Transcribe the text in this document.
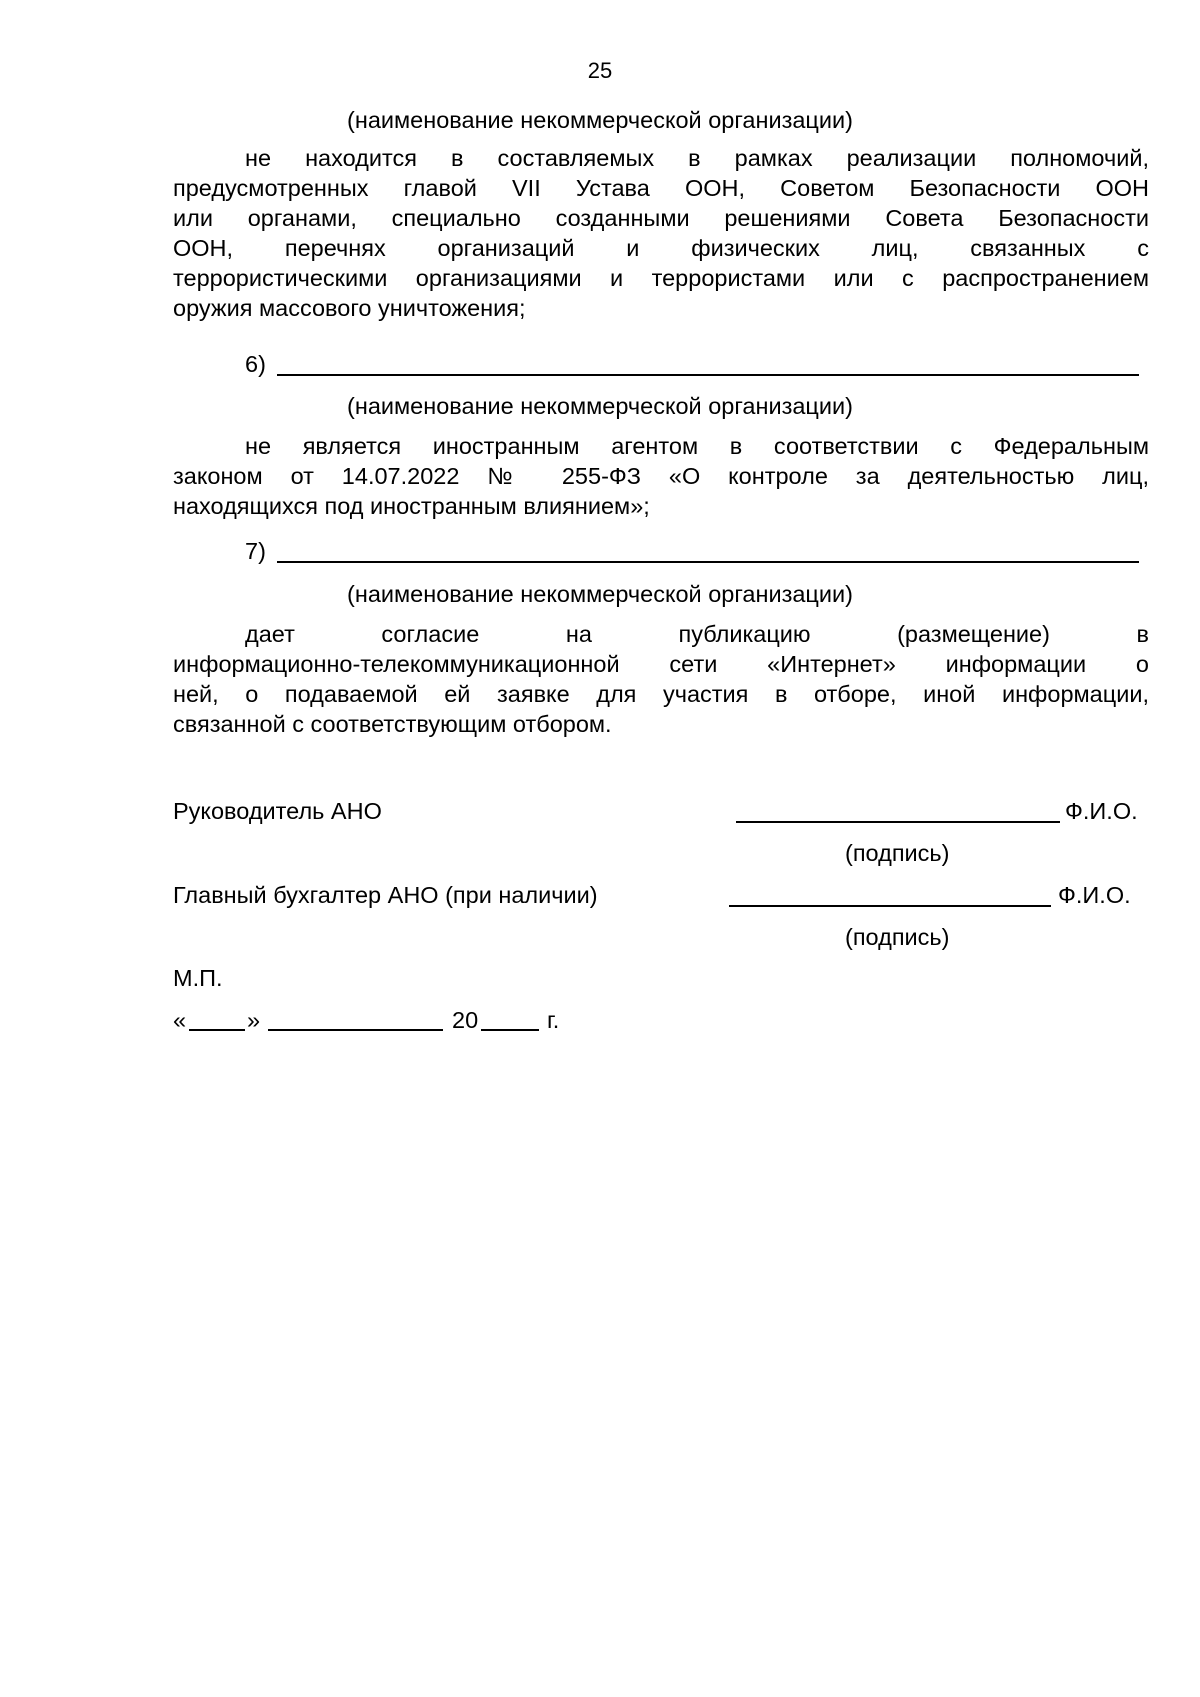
25
(наименование некоммерческой организации)
не находится в составляемых в рамках реализации полномочий,
предусмотренных главой VII Устава ООН, Советом Безопасности ООН
или органами, специально созданными решениями Совета Безопасности
ООН, перечнях организаций и физических лиц, связанных с
террористическими организациями и террористами или с распространением
оружия массового уничтожения;
6)
(наименование некоммерческой организации)
не является иностранным агентом в соответствии с Федеральным
законом от 14.07.2022 № 255-ФЗ «О контроле за деятельностью лиц,
находящихся под иностранным влиянием»;
7)
(наименование некоммерческой организации)
дает согласие на публикацию (размещение) в
информационно-телекоммуникационной сети «Интернет» информации о
ней, о подаваемой ей заявке для участия в отборе, иной информации,
связанной с соответствующим отбором.
Руководитель АНО	Ф.И.О.
(подпись)
Главный бухгалтер АНО (при наличии)	Ф.И.О.
(подпись)
М.П.
«	»	20	г.
